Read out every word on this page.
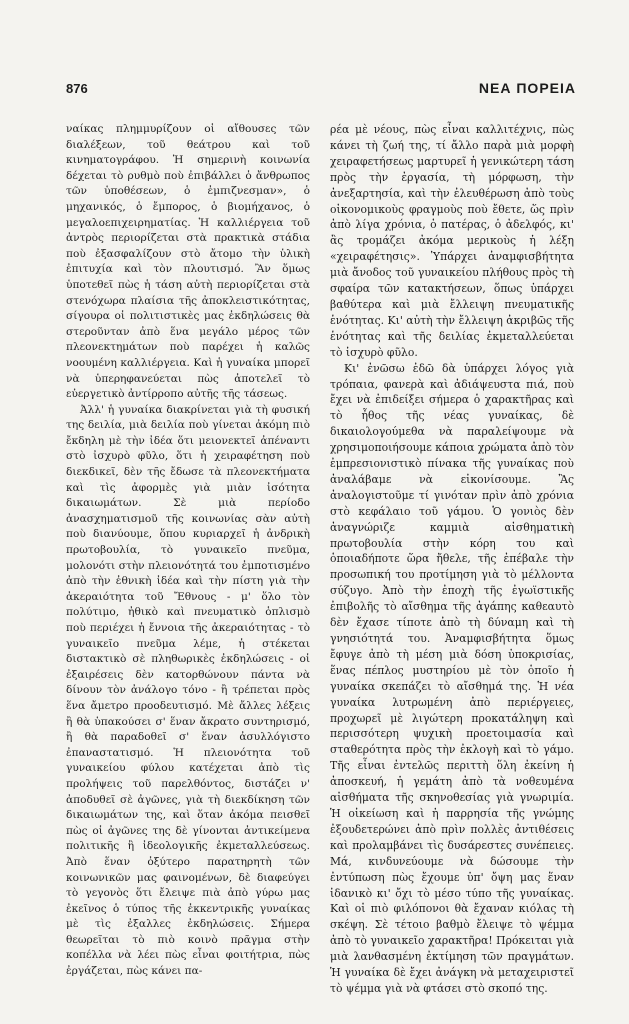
876	ΝΕΑ ΠΟΡΕΙΑ

ναίκας πλημμυρίζουν οἱ αἴθουσες τῶν διαλέξεων, τοῦ θεάτρου καὶ τοῦ κινηματογράφου. Ἡ σημερινὴ κοινωνία δέχεται τὸ ρυθμὸ ποὺ ἐπιβάλλει ὁ ἄνθρωπος τῶν ὑποθέσεων, ὁ ἐμπιζνεσμαν», ὁ μηχανικός, ὁ ἔμπορος, ὁ βιομήχανος, ὁ μεγαλοεπιχειρηματίας. Ἡ καλλιέργεια τοῦ ἀντρὸς περιορίζεται στὰ πρακτικὰ στάδια ποὺ ἐξασφαλίζουν στὸ ἄτομο τὴν ὑλικὴ ἐπιτυχία καὶ τὸν πλουτισμό. Ἂν ὅμως ὑποτεθεῖ πὼς ἡ τάση αὐτὴ περιορίζεται στὰ στενόχωρα πλαίσια τῆς ἀποκλειστικότητας, σίγουρα οἱ πολιτιστικὲς μας ἐκδηλώσεις θὰ στεροῦνταν ἀπὸ ἕνα μεγάλο μέρος τῶν πλεονεκτημάτων ποὺ παρέχει ἡ καλῶς νοουμένη καλλιέργεια. Καὶ ἡ γυναίκα μπορεῖ νὰ ὑπερηφανεύεται πὼς ἀποτελεῖ τὸ εὐεργετικὸ ἀντίρροπο αὐτῆς τῆς τάσεως.

Ἀλλ' ἡ γυναίκα διακρίνεται γιὰ τὴ φυσική της δειλία, μιὰ δειλία ποὺ γίνεται ἀκόμη πιὸ ἔκδηλη μὲ τὴν ἰδέα ὅτι μειονεκτεῖ ἀπέναντι στὸ ἰσχυρὸ φῦλο, ὅτι ἡ χειραφέτηση ποὺ διεκδικεῖ, δὲν τῆς ἔδωσε τὰ πλεονεκτήματα καὶ τὶς ἀφορμὲς γιὰ μιὰν ἰσότητα δικαιωμάτων. Σὲ μιὰ περίοδο ἀνασχηματισμοῦ τῆς κοινωνίας σὰν αὐτὴ ποὺ διανύουμε, ὅπου κυριαρχεῖ ἡ ἀνδρικὴ πρωτοβουλία, τὸ γυναικεῖο πνεῦμα, μολονότι στὴν πλειονότητά του ἐμποτισμένο ἀπὸ τὴν ἐθνικὴ ἰδέα καὶ τὴν πίστη γιὰ τὴν ἀκεραιότητα τοῦ Ἔθνους - μ' ὅλο τὸν πολύτιμο, ἠθικὸ καὶ πνευματικὸ ὁπλισμὸ ποὺ περιέχει ἡ ἔννοια τῆς ἀκεραιότητας - τὸ γυναικεῖο πνεῦμα λέμε, ἡ στέκεται διστακτικὸ σὲ πληθωρικὲς ἐκδηλώσεις - οἱ ἐξαιρέσεις δὲν κατορθώνουν πάντα νὰ δίνουν τὸν ἀνάλογο τόνο - ἢ τρέπεται πρὸς ἕνα ἄμετρο προοδευτισμό. Μὲ ἄλλες λέξεις ἢ θὰ ὑπακούσει σ' ἕναν ἄκρατο συντηρισμό, ἢ θὰ παραδοθεῖ σ' ἕναν ἀσυλλόγιστο ἐπαναστατισμό. Ἡ πλειονότητα τοῦ γυναικείου φύλου κατέχεται ἀπὸ τὶς προλήψεις τοῦ παρελθόντος, διστάζει ν' ἀποδυθεῖ σὲ ἀγῶνες, γιὰ τὴ διεκδίκηση τῶν δικαιωμάτων της, καὶ ὅταν ἀκόμα πεισθεῖ πὼς οἱ ἀγῶνες της δὲ γίνονται ἀντικείμενα πολιτικῆς ἢ ἰδεολογικῆς ἐκμεταλλεύσεως. Ἀπὸ ἕναν ὀξύτερο παρατηρητὴ τῶν κοινωνικῶν μας φαινομένων, δὲ διαφεύγει τὸ γεγονὸς ὅτι ἔλειψε πιὰ ἀπὸ γύρω μας ἐκεῖνος ὁ τύπος τῆς ἐκκεντρικῆς γυναίκας μὲ τὶς ἐξαλλες ἐκδηλώσεις. Σήμερα θεωρεῖται τὸ πιὸ κοινὸ πρᾶγμα στὴν κοπέλλα νὰ λέει πὼς εἶναι φοιτήτρια, πὼς ἐργάζεται, πὼς κάνει πα-

ρέα μὲ νέους, πὼς εἶναι καλλιτέχνις, πὼς κάνει τὴ ζωή της, τί ἄλλο παρὰ μιὰ μορφὴ χειραφετήσεως μαρτυρεῖ ἡ γενικώτερη τάση πρὸς τὴν ἐργασία, τὴ μόρφωση, τὴν ἀνεξαρτησία, καὶ τὴν ἐλευθέρωση ἀπὸ τοὺς οἰκονομικοὺς φραγμοὺς ποὺ ἔθετε, ὥς πρὶν ἀπὸ λίγα χρόνια, ὁ πατέρας, ὁ ἀδελφός, κι' ἂς τρομάζει ἀκόμα μερικοὺς ἡ λέξη «χειραφέτησις». Ὑπάρχει ἀναμφισβήτητα μιὰ ἄνοδος τοῦ γυναικείου πλήθους πρὸς τὴ σφαίρα τῶν κατακτήσεων, ὅπως ὑπάρχει βαθύτερα καὶ μιὰ ἔλλειψη πνευματικῆς ἑνότητας. Κι' αὐτὴ τὴν ἔλλειψη ἀκριβῶς τῆς ἑνότητας καὶ τῆς δειλίας ἐκμεταλλεύεται τὸ ἰσχυρὸ φῦλο.

Κι' ἐνῶσω ἐδῶ δὰ ὑπάρχει λόγος γιὰ τρόπαια, φανερὰ καὶ ἀδιάψευστα πιά, ποὺ ἔχει νὰ ἐπιδείξει σήμερα ὁ χαρακτῆρας καὶ τὸ ἦθος τῆς νέας γυναίκας, δὲ δικαιολογούμεθα νὰ παραλείψουμε νὰ χρησιμοποιήσουμε κάποια χρώματα ἀπὸ τὸν ἐμπρεσιονιστικὸ πίνακα τῆς γυναίκας ποὺ ἀναλάβαμε νὰ εἰκονίσουμε. Ἂς ἀναλογιστοῦμε τί γινόταν πρὶν ἀπὸ χρόνια στὸ κεφάλαιο τοῦ γάμου. Ὁ γονιὸς δὲν ἀναγνώριζε καμμιὰ αἰσθηματικὴ πρωτοβουλία στὴν κόρη του καὶ ὁποιαδήποτε ὥρα ἤθελε, τῆς ἐπέβαλε τὴν προσωπική του προτίμηση γιὰ τὸ μέλλοντα σύζυγο. Ἀπὸ τὴν ἐποχὴ τῆς ἐγωϊστικῆς ἐπιβολῆς τὸ αἴσθημα τῆς ἀγάπης καθεαυτὸ δὲν ἔχασε τίποτε ἀπὸ τὴ δύναμη καὶ τὴ γνησιότητά του. Ἀναμφισβήτητα ὅμως ἔφυγε ἀπὸ τὴ μέση μιὰ δόση ὑποκρισίας, ἕνας πέπλος μυστηρίου μὲ τὸν ὁποῖο ἡ γυναίκα σκεπάζει τὸ αἴσθημά της. Ἡ νέα γυναίκα λυτρωμένη ἀπὸ περιέργειες, προχωρεῖ μὲ λιγώτερη προκατάληψη καὶ περισσότερη ψυχικὴ προετοιμασία καὶ σταθερότητα πρὸς τὴν ἐκλογὴ καὶ τὸ γάμο. Τῆς εἶναι ἐντελῶς περιττὴ ὅλη ἐκείνη ἡ ἀποσκευή, ἡ γεμάτη ἀπὸ τὰ νοθευμένα αἰσθήματα τῆς σκηνοθεσίας γιὰ γνωριμία. Ἡ οἰκείωση καὶ ἡ παρρησία τῆς γνώμης ἐξουδετερώνει ἀπὸ πρὶν πολλὲς ἀντιθέσεις καὶ προλαμβάνει τὶς δυσάρεστες συνέπειες. Μά, κινδυνεύουμε νὰ δώσουμε τὴν ἐντύπωση πὼς ἔχουμε ὑπ' ὄψη μας ἕναν ἰδανικὸ κι' ὄχι τὸ μέσο τύπο τῆς γυναίκας. Καὶ οἱ πιὸ φιλόπονοι θὰ ἔχαναν κιόλας τὴ σκέψη. Σὲ τέτοιο βαθμὸ ἔλειψε τὸ ψέμμα ἀπὸ τὸ γυναικεῖο χαρακτῆρα! Πρόκειται γιὰ μιὰ λανθασμένη ἐκτίμηση τῶν πραγμάτων. Ἡ γυναίκα δὲ ἔχει ἀνάγκη νὰ μεταχειριστεῖ τὸ ψέμμα γιὰ νὰ φτάσει στὸ σκοπό της.
